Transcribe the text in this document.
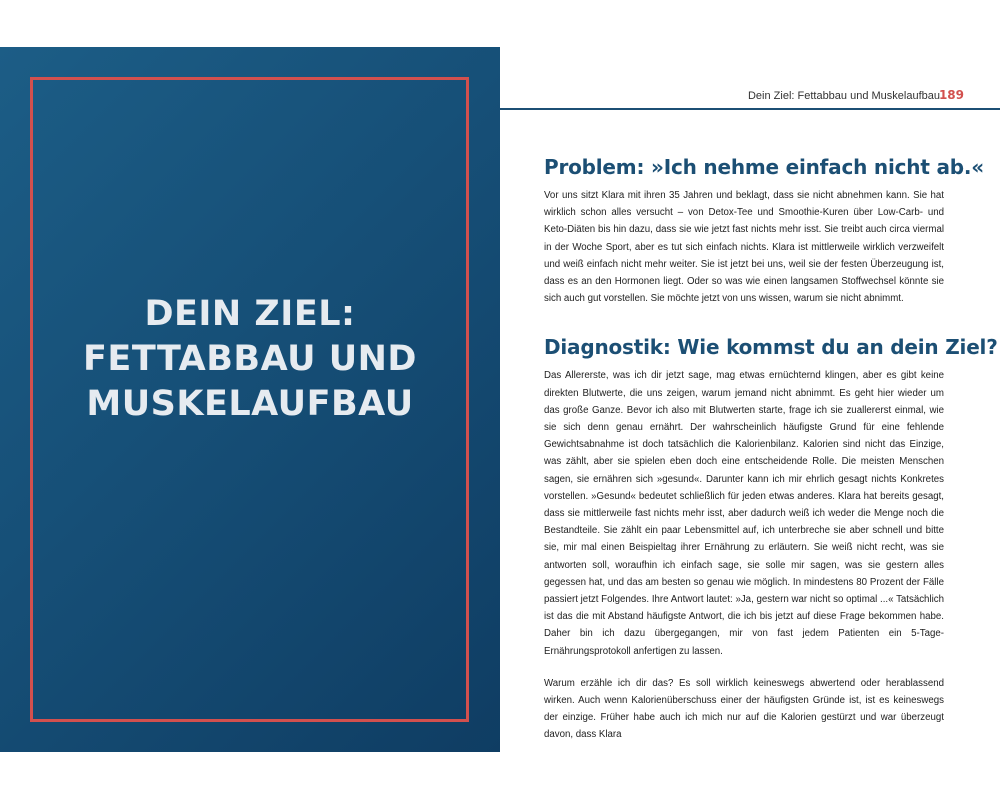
DEIN ZIEL:
FETTABBAU UND
MUSKELAUFBAU
Dein Ziel: Fettabbau und Muskelaufbau
189
Problem: »Ich nehme einfach nicht ab.«

Vor uns sitzt Klara mit ihren 35 Jahren und beklagt, dass sie nicht abnehmen kann. Sie hat wirklich schon alles versucht – von Detox-Tee und Smoothie-Kuren über Low-Carb- und Keto-Diäten bis hin dazu, dass sie wie jetzt fast nichts mehr isst. Sie treibt auch circa viermal in der Woche Sport, aber es tut sich einfach nichts. Klara ist mittlerweile wirklich verzweifelt und weiß einfach nicht mehr weiter. Sie ist jetzt bei uns, weil sie der festen Überzeugung ist, dass es an den Hormonen liegt. Oder so was wie einen langsamen Stoffwechsel könnte sie sich auch gut vorstellen. Sie möchte jetzt von uns wissen, warum sie nicht abnimmt.

Diagnostik: Wie kommst du an dein Ziel?

Das Allererste, was ich dir jetzt sage, mag etwas ernüchternd klingen, aber es gibt keine direkten Blutwerte, die uns zeigen, warum jemand nicht abnimmt. Es geht hier wieder um das große Ganze. Bevor ich also mit Blutwerten starte, frage ich sie zuallererst einmal, wie sie sich denn genau ernährt. Der wahrscheinlich häufigste Grund für eine fehlende Gewichtsabnahme ist doch tatsächlich die Kalorienbilanz. Kalorien sind nicht das Einzige, was zählt, aber sie spielen eben doch eine entscheidende Rolle. Die meisten Menschen sagen, sie ernähren sich »gesund«. Darunter kann ich mir ehrlich gesagt nichts Konkretes vorstellen. »Gesund« bedeutet schließlich für jeden etwas anderes. Klara hat bereits gesagt, dass sie mittlerweile fast nichts mehr isst, aber dadurch weiß ich weder die Menge noch die Bestandteile. Sie zählt ein paar Lebensmittel auf, ich unterbreche sie aber schnell und bitte sie, mir mal einen Beispieltag ihrer Ernährung zu erläutern. Sie weiß nicht recht, was sie antworten soll, woraufhin ich einfach sage, sie solle mir sagen, was sie gestern alles gegessen hat, und das am besten so genau wie möglich. In mindestens 80 Prozent der Fälle passiert jetzt Folgendes. Ihre Antwort lautet: »Ja, gestern war nicht so optimal ...« Tatsächlich ist das die mit Abstand häufigste Antwort, die ich bis jetzt auf diese Frage bekommen habe. Daher bin ich dazu übergegangen, mir von fast jedem Patienten ein 5-Tage-Ernährungsprotokoll anfertigen zu lassen.

Warum erzähle ich dir das? Es soll wirklich keineswegs abwertend oder herablassend wirken. Auch wenn Kalorienüberschuss einer der häufigsten Gründe ist, ist es keineswegs der einzige. Früher habe auch ich mich nur auf die Kalorien gestürzt und war überzeugt davon, dass Klara
